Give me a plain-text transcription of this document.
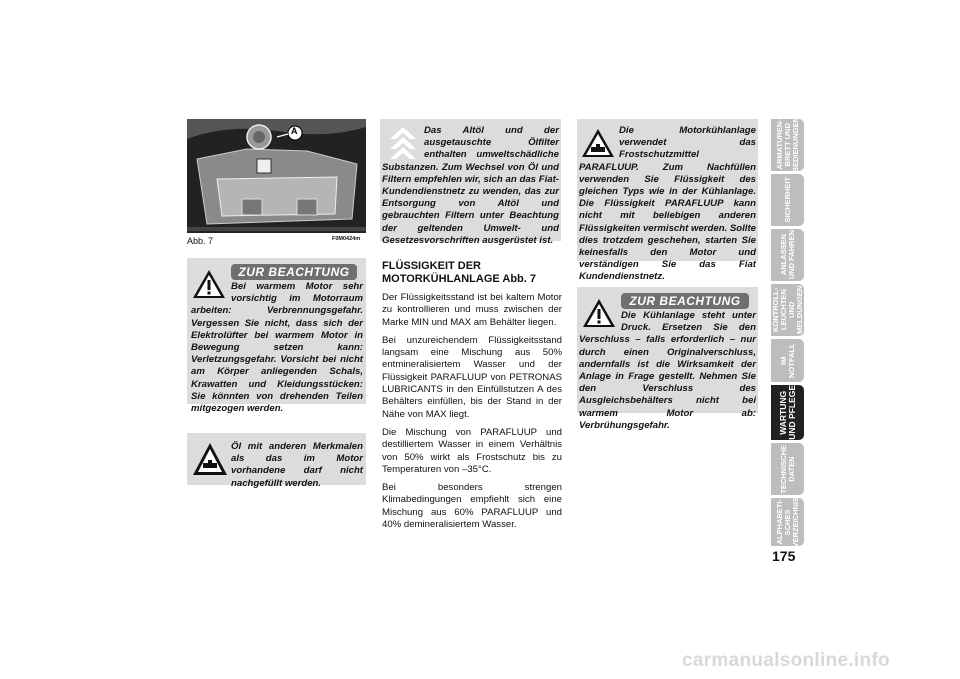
A
Abb. 7	F0M0424m
ZUR BEACHTUNG
Bei warmem Motor sehr vorsichtig im Motorraum arbeiten: Verbrennungsgefahr. Vergessen Sie nicht, dass sich der Elektrolüfter bei warmem Motor in Bewegung setzen kann: Verletzungsgefahr. Vorsicht bei nicht am Körper anliegenden Schals, Krawatten und Kleidungsstücken: Sie könnten von drehenden Teilen mitgezogen werden.
Öl mit anderen Merkmalen als das im Motor vorhandene darf nicht nachgefüllt werden.
Das Altöl und der ausgetauschte Ölfilter enthalten umweltschädliche Substanzen. Zum Wechsel von Öl und Filtern empfehlen wir, sich an das Fiat-Kundendienstnetz zu wenden, das zur Entsorgung von Altöl und gebrauchten Filtern unter Beachtung der geltenden Umwelt- und Gesetzesvorschriften ausgerüstet ist.
FLÜSSIGKEIT DER
MOTORKÜHLANLAGE Abb. 7

Der Flüssigkeitsstand ist bei kaltem Motor zu kontrollieren und muss zwischen der Marke MIN und MAX am Behälter liegen.

Bei unzureichendem Flüssigkeitsstand langsam eine Mischung aus 50% entmineralisiertem Wasser und der Flüssigkeit PARAFLUUP von PETRONAS LUBRICANTS in den Einfüllstutzen A des Behälters einfüllen, bis der Stand in der Nähe von MAX liegt.

Die Mischung von PARAFLUUP und destilliertem Wasser in einem Verhältnis von 50% wirkt als Frostschutz bis zu Temperaturen von –35°C.

Bei besonders strengen Klimabedingungen empfiehlt sich eine Mischung aus 60% PARAFLUUP und 40% demineralisiertem Wasser.

Die Motorkühlanlage verwendet das Frostschutzmittel PARAFLUUP. Zum Nachfüllen verwenden Sie Flüssigkeit des gleichen Typs wie in der Kühlanlage. Die Flüssigkeit PARAFLUUP kann nicht mit beliebigen anderen Flüssigkeiten vermischt werden. Sollte dies trotzdem geschehen, starten Sie keinesfalls den Motor und verständigen Sie das Fiat Kundendienstnetz.
ZUR BEACHTUNG
Die Kühlanlage steht unter Druck. Ersetzen Sie den Verschluss – falls erforderlich – nur durch einen Originalverschluss, andernfalls ist die Wirksamkeit der Anlage in Frage gestellt. Nehmen Sie den Verschluss des Ausgleichsbehälters nicht bei warmem Motor ab: Verbrühungsgefahr.
ARMATUREN-
BRETT UND
BEDIENUNGEN
SICHERHEIT
ANLASSEN
UND FAHREN
KONTROLL-
LEUCHTEN UND
MELDUNGEN
IM NOTFALL
WARTUNG
UND PFLEGE
TECHNISCHE
DATEN
ALPHABETI-
SCHES
VERZEICHNIS
175
carmanualsonline.info
